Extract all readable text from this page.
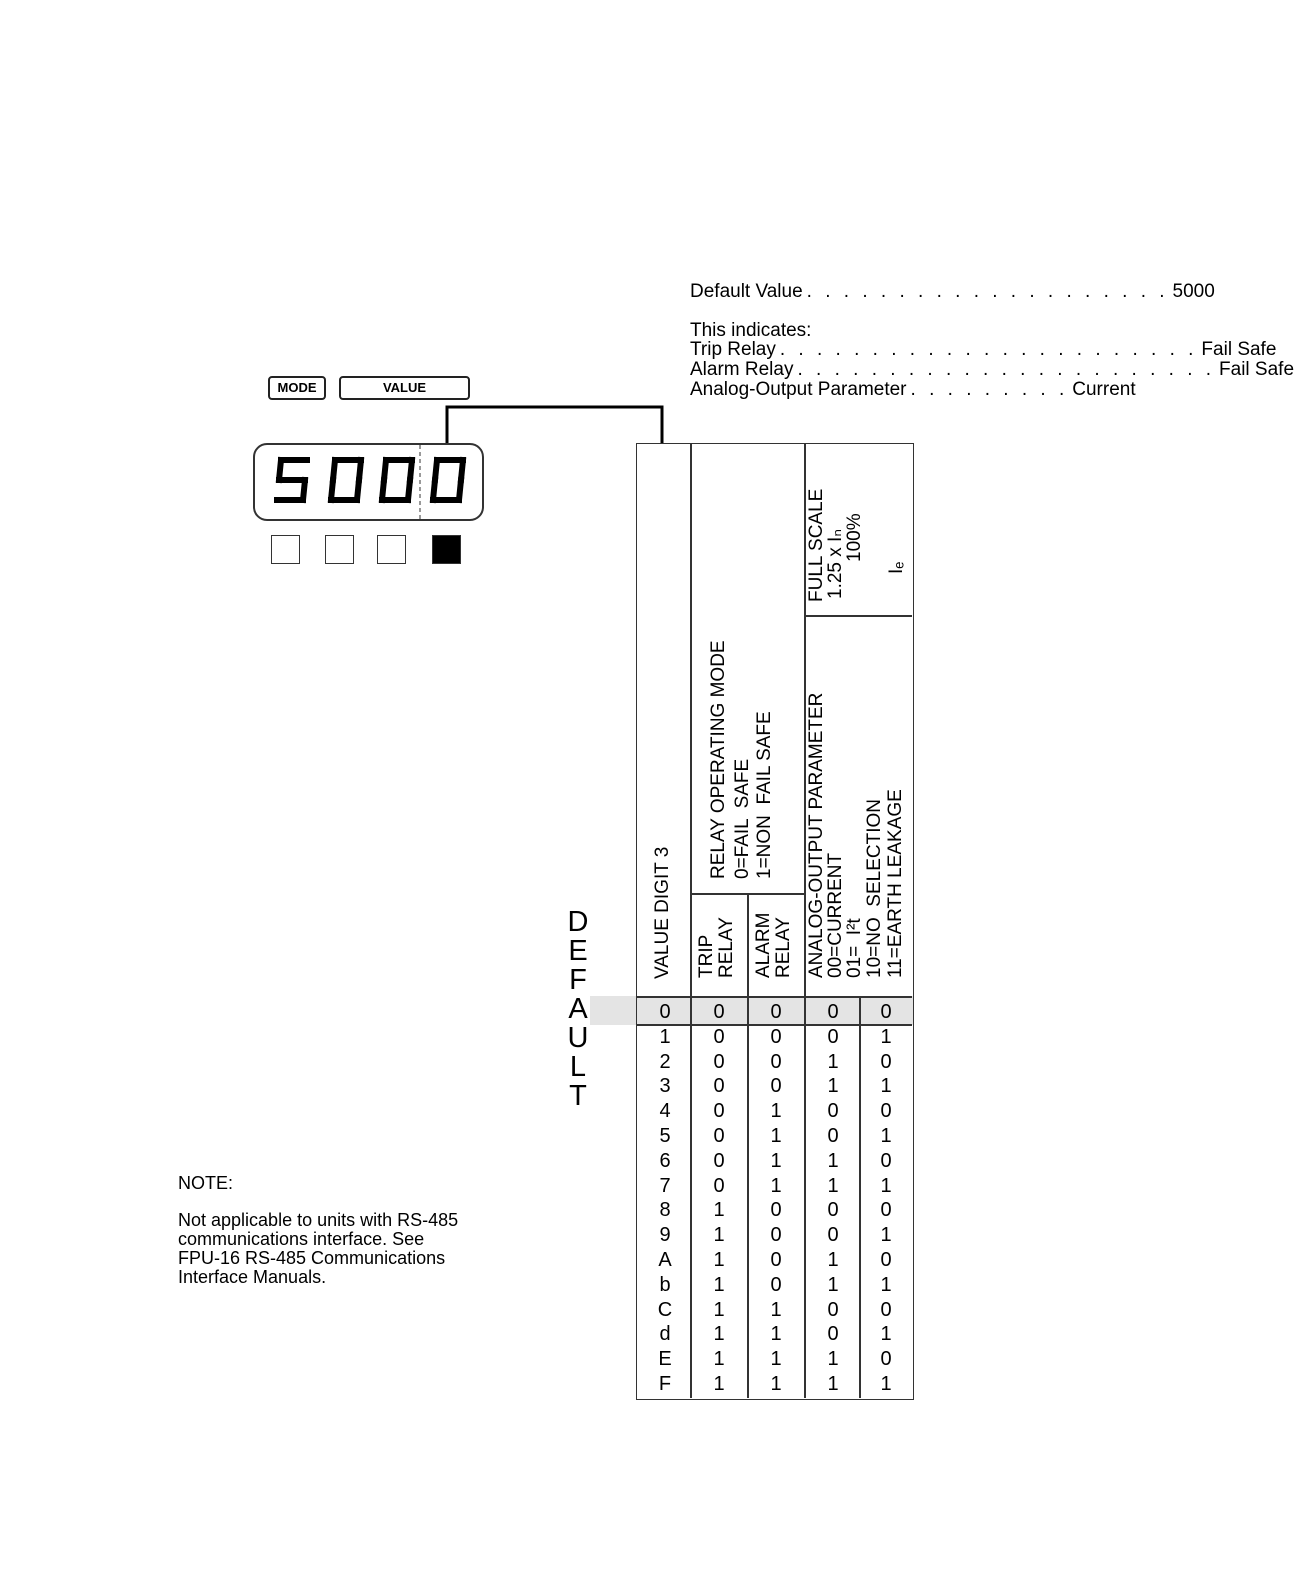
Default Value . . . . . . . . . . . . . . . . . . . . 5000
This indicates:
Trip Relay . . . . . . . . . . . . . . . . . . . . . . . Fail Safe
Alarm Relay . . . . . . . . . . . . . . . . . . . . . . . Fail Safe
Analog-Output Parameter . . . . . . . . . Current
MODE	VALUE
D
E
F
A
U
L
T
VALUE DIGIT 3
RELAY OPERATING MODE 0=FAIL  SAFE 1=NON  FAIL SAFE
TRIP RELAY ALARM RELAY ANALOG-OUTPUT PARAMETER
00=CURRENT
01=  I²t 10=NO  SELECTION 11=EARTH LEAKAGE
FULL SCALE
1.25 x Iₙ
100%
Iₑ
0	0	0	0	0
1	0	0	0	1
2	0	0	1	0
3	0	0	1	1
4	0	1	0	0
5	0	1	0	1
6	0	1	1	0
7	0	1	1	1
8	1	0	0	0
9	1	0	0	1
A	1	0	1	0
b	1	0	1	1
C	1	1	0	0
d	1	1	0	1
E	1	1	1	0
F	1	1	1	1
NOTE:
Not applicable to units with RS-485
communications interface. See
FPU-16 RS-485 Communications
Interface Manuals.
